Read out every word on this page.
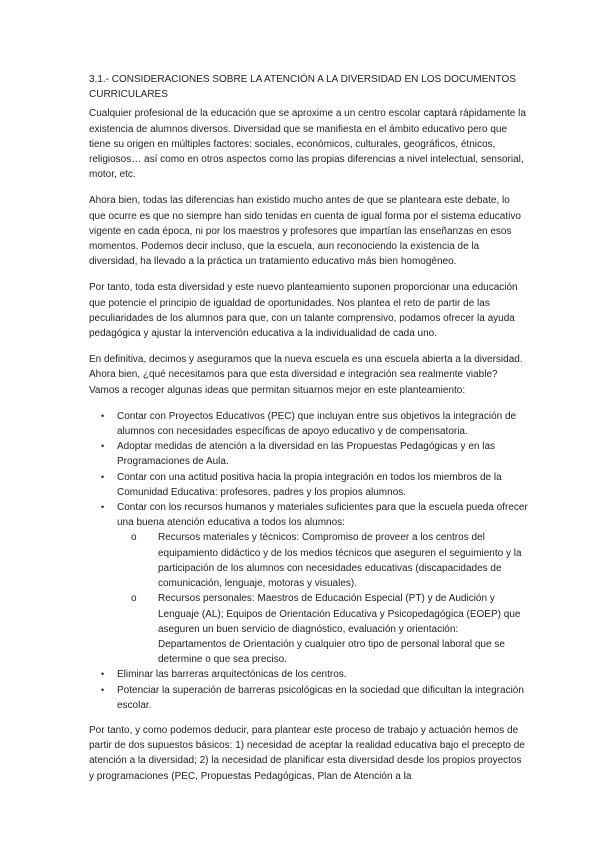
3.1.- CONSIDERACIONES SOBRE LA ATENCIÓN A LA DIVERSIDAD EN LOS DOCUMENTOS CURRICULARES

Cualquier profesional de la educación que se aproxime a un centro escolar captará rápidamente la existencia de alumnos diversos. Diversidad que se manifiesta en el ámbito educativo pero que tiene su origen en múltiples factores: sociales, económicos, culturales, geográficos, étnicos, religiosos… así como en otros aspectos como las propias diferencias a nivel intelectual, sensorial, motor, etc.

Ahora bien, todas las diferencias han existido mucho antes de que se planteara este debate, lo que ocurre es que no siempre han sido tenidas en cuenta de igual forma por el sistema educativo vigente en cada época, ni por los maestros y profesores que impartían las enseñanzas en esos momentos. Podemos decir incluso, que la escuela, aun reconociendo la existencia de la diversidad, ha llevado a la práctica un tratamiento educativo más bien homogéneo.

Por tanto, toda esta diversidad y este nuevo planteamiento suponen proporcionar una educación que potencie el principio de igualdad de oportunidades. Nos plantea el reto de partir de las peculiaridades de los alumnos para que, con un talante comprensivo, podamos ofrecer la ayuda pedagógica y ajustar la intervención educativa a la individualidad de cada uno.

En definitiva, decimos y aseguramos que la nueva escuela es una escuela abierta a la diversidad. Ahora bien, ¿qué necesitamos para que esta diversidad e integración sea realmente viable? Vamos a recoger algunas ideas que permitan situarnos mejor en este planteamiento:

• Contar con Proyectos Educativos (PEC) que incluyan entre sus objetivos la integración de alumnos con necesidades específicas de apoyo educativo y de compensatoria.
• Adoptar medidas de atención a la diversidad en las Propuestas Pedagógicas y en las Programaciones de Aula.
• Contar con una actitud positiva hacia la propia integración en todos los miembros de la Comunidad Educativa: profesores, padres y los propios alumnos.
• Contar con los recursos humanos y materiales suficientes para que la escuela pueda ofrecer una buena atención educativa a todos los alumnos:
o Recursos materiales y técnicos: Compromiso de proveer a los centros del equipamiento didáctico y de los medios técnicos que aseguren el seguimiento y la participación de los alumnos con necesidades educativas (discapacidades de comunicación, lenguaje, motoras y visuales).
o Recursos personales: Maestros de Educación Especial (PT) y de Audición y Lenguaje (AL); Equipos de Orientación Educativa y Psicopedagógica (EOEP) que aseguren un buen servicio de diagnóstico, evaluación y orientación: Departamentos de Orientación y cualquier otro tipo de personal laboral que se determine o que sea preciso.
• Eliminar las barreras arquitectónicas de los centros.
• Potenciar la superación de barreras psicológicas en la sociedad que dificultan la integración escolar.

Por tanto, y como podemos deducir, para plantear este proceso de trabajo y actuación hemos de partir de dos supuestos básicos: 1) necesidad de aceptar la realidad educativa bajo el precepto de atención a la diversidad; 2) la necesidad de planificar esta diversidad desde los propios proyectos y programaciones (PEC, Propuestas Pedagógicas, Plan de Atención a la
